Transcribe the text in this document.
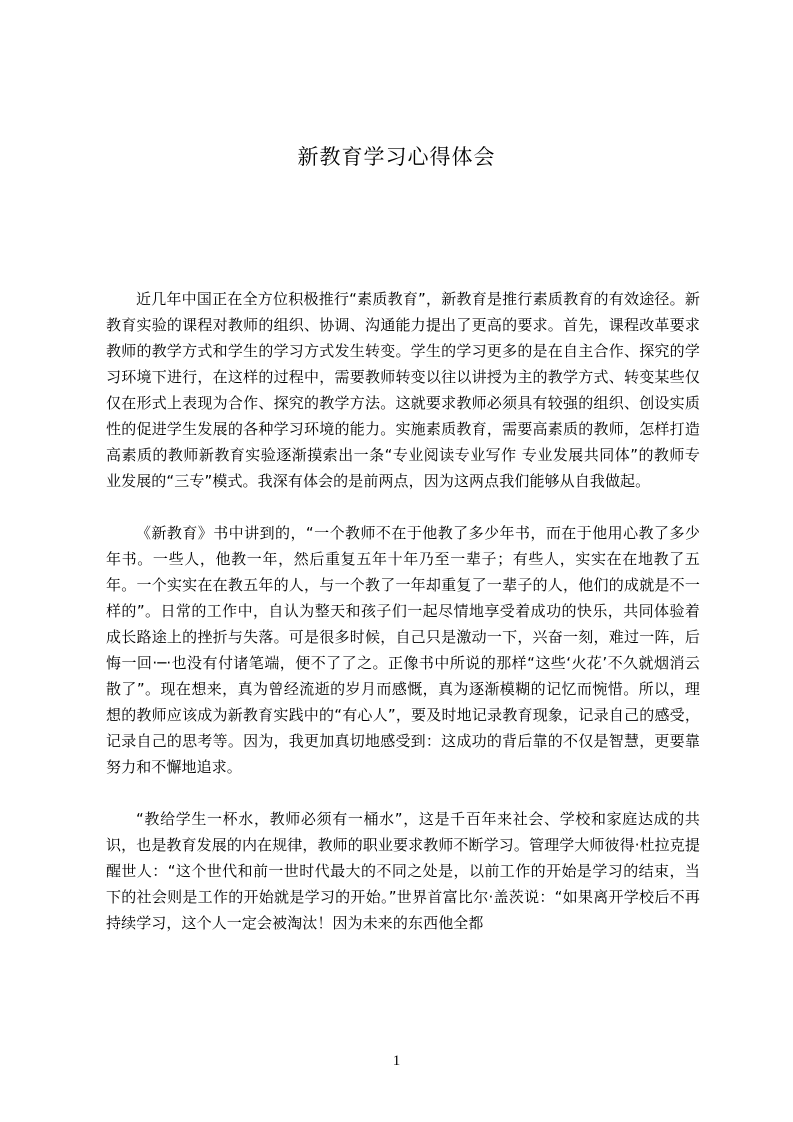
新教育学习心得体会

近几年中国正在全方位积极推行“素质教育”，新教育是推行素质教育的有效途径。新教育实验的课程对教师的组织、协调、沟通能力提出了更高的要求。首先，课程改革要求教师的教学方式和学生的学习方式发生转变。学生的学习更多的是在自主合作、探究的学习环境下进行，在这样的过程中，需要教师转变以往以讲授为主的教学方式、转变某些仅仅在形式上表现为合作、探究的教学方法。这就要求教师必须具有较强的组织、创设实质性的促进学生发展的各种学习环境的能力。实施素质教育，需要高素质的教师，怎样打造高素质的教师新教育实验逐渐摸索出一条“专业阅读专业写作 专业发展共同体”的教师专业发展的“三专”模式。我深有体会的是前两点，因为这两点我们能够从自我做起。

《新教育》书中讲到的，“一个教师不在于他教了多少年书，而在于他用心教了多少年书。一些人，他教一年，然后重复五年十年乃至一辈子；有些人，实实在在地教了五年。一个实实在在教五年的人，与一个教了一年却重复了一辈子的人，他们的成就是不一样的”。日常的工作中，自认为整天和孩子们一起尽情地享受着成功的快乐，共同体验着成长路途上的挫折与失落。可是很多时候，自己只是激动一下，兴奋一刻，难过一阵，后悔一回·─·也没有付诸笔端，便不了了之。正像书中所说的那样“这些‘火花’不久就烟消云散了”。现在想来，真为曾经流逝的岁月而感慨，真为逐渐模糊的记忆而惋惜。所以，理想的教师应该成为新教育实践中的“有心人”，要及时地记录教育现象，记录自己的感受，记录自己的思考等。因为，我更加真切地感受到：这成功的背后靠的不仅是智慧，更要靠努力和不懈地追求。

“教给学生一杯水，教师必须有一桶水”，这是千百年来社会、学校和家庭达成的共识，也是教育发展的内在规律，教师的职业要求教师不断学习。管理学大师彼得·杜拉克提醒世人：“这个世代和前一世时代最大的不同之处是，以前工作的开始是学习的结束，当下的社会则是工作的开始就是学习的开始。”世界首富比尔·盖茨说：“如果离开学校后不再持续学习，这个人一定会被淘汰！因为未来的东西他全都

1
